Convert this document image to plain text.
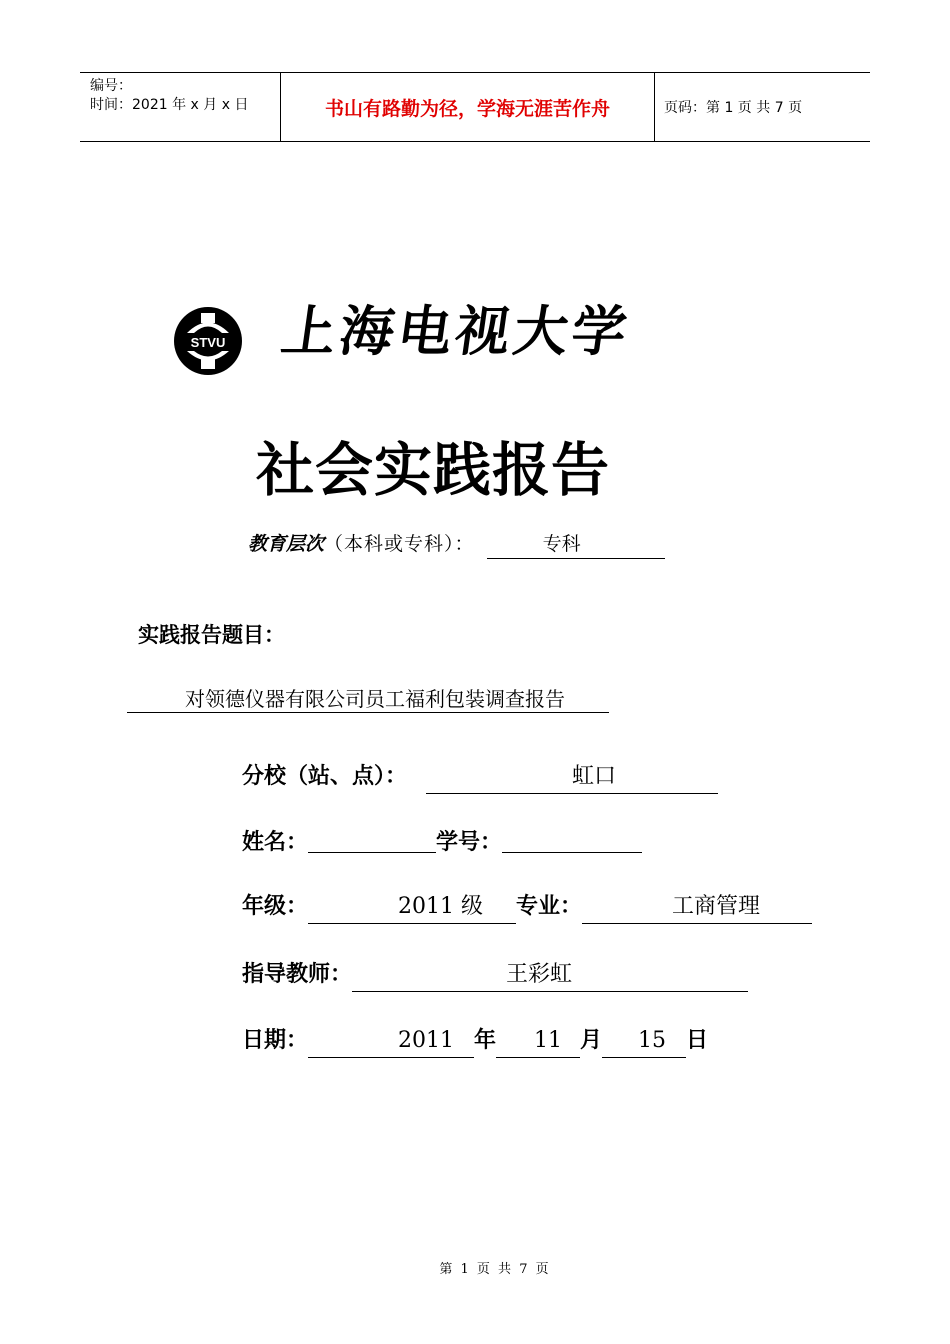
编号：
时间：2021 年 x 月 x 日	书山有路勤为径，学海无涯苦作舟	页码：第 1 页 共 7 页
STVU 上海电视大学
社会实践报告
教育层次（本科或专科）：	专科
实践报告题目：
对领德仪器有限公司员工福利包装调查报告
分校（站、点）：	虹口
姓名：	学号：
年级：	2011 级 专业：	工商管理
指导教师：	王彩虹
日期：	2011 年 11 月 15 日
第 1 页 共 7 页
